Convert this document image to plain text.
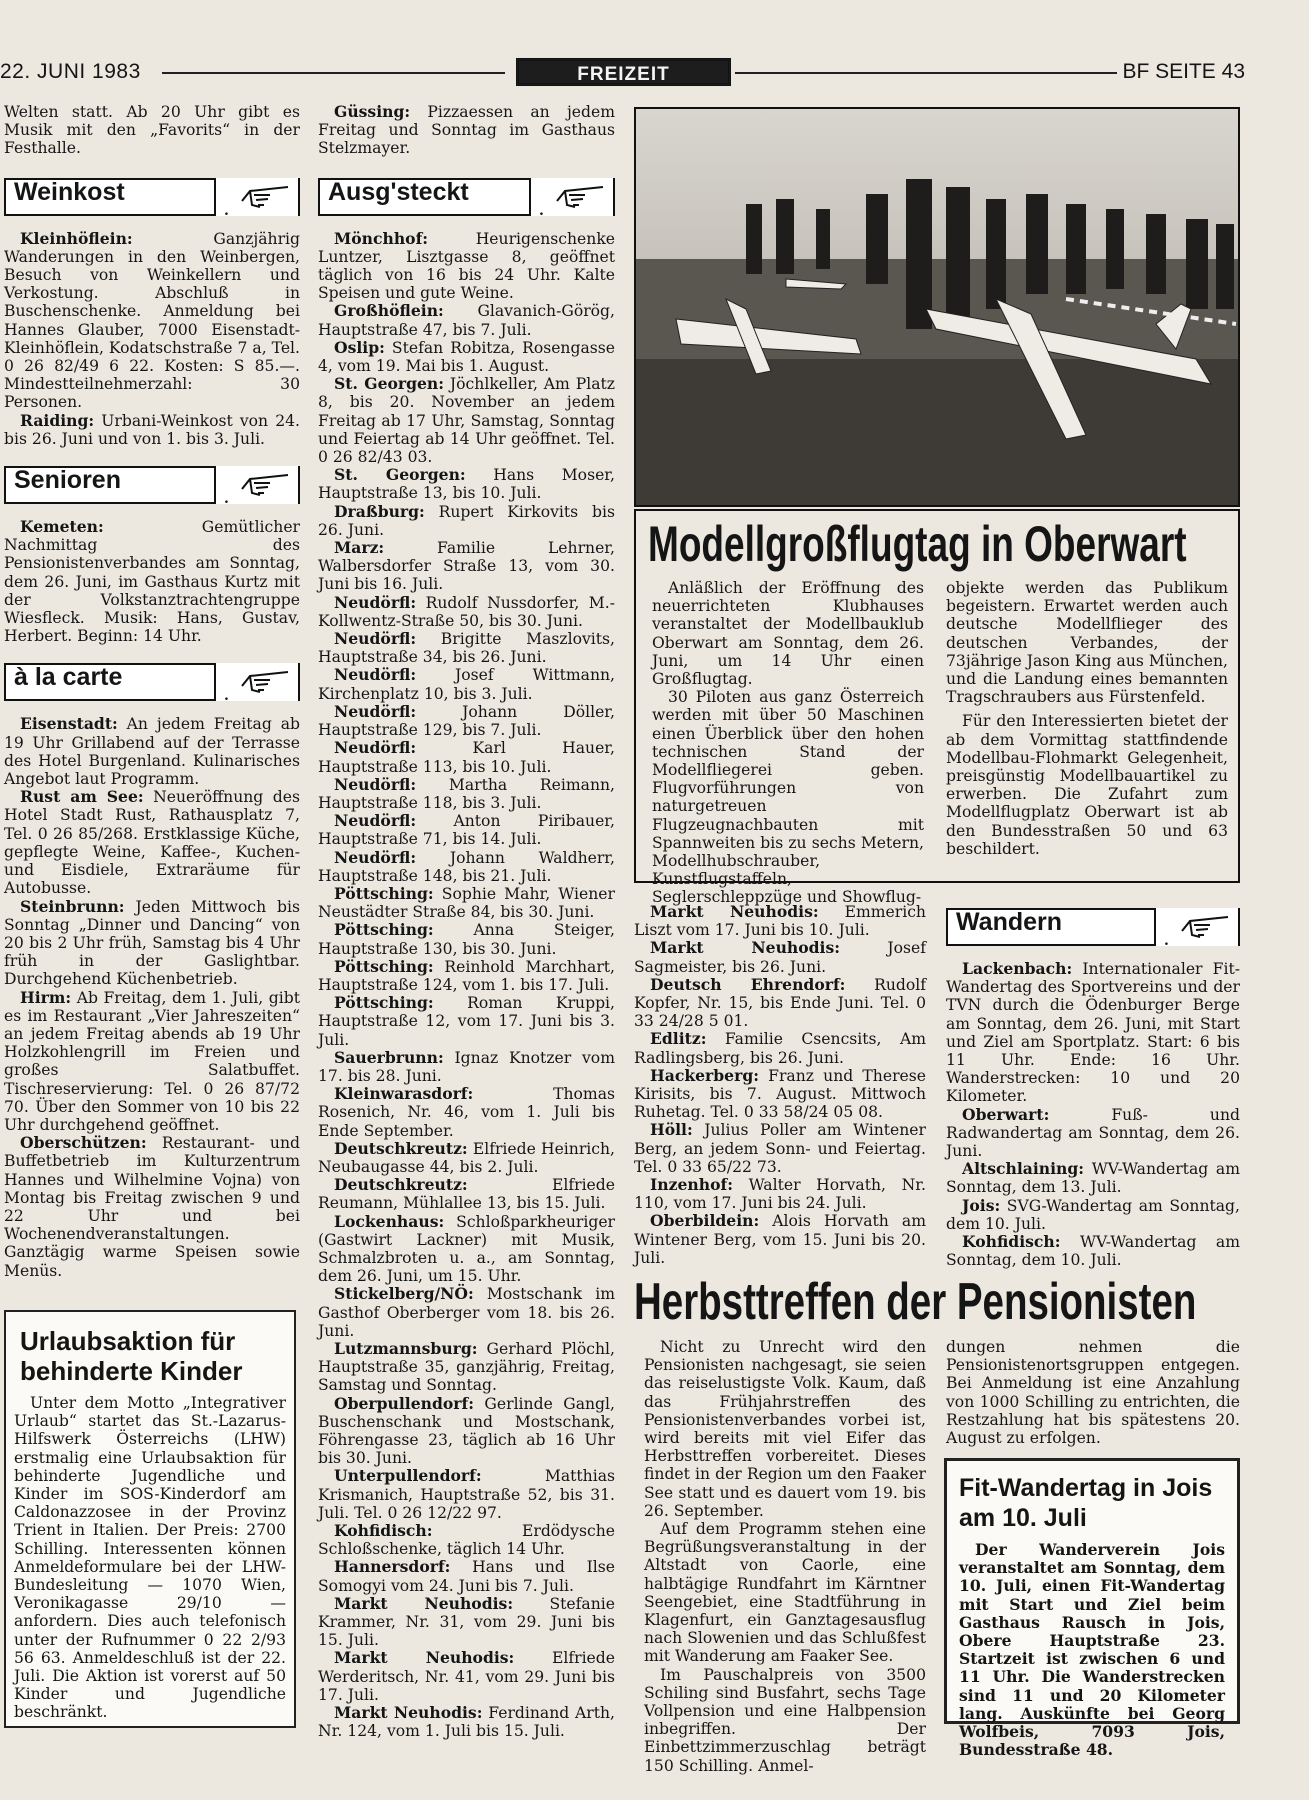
22. JUNI 1983	FREIZEIT	BF SEITE 43

Welten statt. Ab 20 Uhr gibt es Musik mit den „Favorits“ in der Festhalle.

Weinkost
.

Kleinhöflein: Ganzjährig Wanderungen in den Weinbergen, Besuch von Weinkellern und Verkostung. Abschluß in Buschenschenke. Anmeldung bei Hannes Glauber, 7000 Eisenstadt-Kleinhöflein, Kodatschstraße 7 a, Tel. 0 26 82/49 6 22. Kosten: S 85.—. Mindestteilnehmerzahl: 30 Personen.

Raiding: Urbani-Weinkost von 24. bis 26. Juni und von 1. bis 3. Juli.

Senioren
.

Kemeten: Gemütlicher Nachmittag des Pensionistenverbandes am Sonntag, dem 26. Juni, im Gasthaus Kurtz mit der Volkstanztrachtengruppe Wiesfleck. Musik: Hans, Gustav, Herbert. Beginn: 14 Uhr.

à la carte
.

Eisenstadt: An jedem Freitag ab 19 Uhr Grillabend auf der Terrasse des Hotel Burgenland. Kulinarisches Angebot laut Programm.

Rust am See: Neueröffnung des Hotel Stadt Rust, Rathausplatz 7, Tel. 0 26 85/268. Erstklassige Küche, gepflegte Weine, Kaffee-, Kuchen- und Eisdiele, Extraräume für Autobusse.

Steinbrunn: Jeden Mittwoch bis Sonntag „Dinner und Dancing“ von 20 bis 2 Uhr früh, Samstag bis 4 Uhr früh in der Gaslightbar. Durchgehend Küchenbetrieb.

Hirm: Ab Freitag, dem 1. Juli, gibt es im Restaurant „Vier Jahreszeiten“ an jedem Freitag abends ab 19 Uhr Holzkohlengrill im Freien und großes Salatbuffet. Tischreservierung: Tel. 0 26 87/72 70. Über den Sommer von 10 bis 22 Uhr durchgehend geöffnet.

Oberschützen: Restaurant- und Buffetbetrieb im Kulturzentrum Hannes und Wilhelmine Vojna) von Montag bis Freitag zwischen 9 und 22 Uhr und bei Wochenendveranstaltungen. Ganztägig warme Speisen sowie Menüs.

Urlaubsaktion für behinderte Kinder

Unter dem Motto „Integrativer Urlaub“ startet das St.-Lazarus-Hilfswerk Österreichs (LHW) erstmalig eine Urlaubsaktion für behinderte Jugendliche und Kinder im SOS-Kinderdorf am Caldonazzosee in der Provinz Trient in Italien. Der Preis: 2700 Schilling. Interessenten können Anmeldeformulare bei der LHW-Bundesleitung — 1070 Wien, Veronikagasse 29/10 — anfordern. Dies auch telefonisch unter der Rufnummer 0 22 2/93 56 63. Anmeldeschluß ist der 22. Juli. Die Aktion ist vorerst auf 50 Kinder und Jugendliche beschränkt.

Güssing: Pizzaessen an jedem Freitag und Sonntag im Gasthaus Stelzmayer.

Ausg'steckt
.

Mönchhof: Heurigenschenke Luntzer, Lisztgasse 8, geöffnet täglich von 16 bis 24 Uhr. Kalte Speisen und gute Weine.

Großhöflein: Glavanich-Görög, Hauptstraße 47, bis 7. Juli.

Oslip: Stefan Robitza, Rosengasse 4, vom 19. Mai bis 1. August.

St. Georgen: Jöchlkeller, Am Platz 8, bis 20. November an jedem Freitag ab 17 Uhr, Samstag, Sonntag und Feiertag ab 14 Uhr geöffnet. Tel. 0 26 82/43 03.

St. Georgen: Hans Moser, Hauptstraße 13, bis 10. Juli.

Draßburg: Rupert Kirkovits bis 26. Juni.

Marz: Familie Lehrner, Walbersdorfer Straße 13, vom 30. Juni bis 16. Juli.

Neudörfl: Rudolf Nussdorfer, M.-Kollwentz-Straße 50, bis 30. Juni.

Neudörfl: Brigitte Maszlovits, Hauptstraße 34, bis 26. Juni.

Neudörfl: Josef Wittmann, Kirchenplatz 10, bis 3. Juli.

Neudörfl: Johann Döller, Hauptstraße 129, bis 7. Juli.

Neudörfl: Karl Hauer, Hauptstraße 113, bis 10. Juli.

Neudörfl: Martha Reimann, Hauptstraße 118, bis 3. Juli.

Neudörfl: Anton Piribauer, Hauptstraße 71, bis 14. Juli.

Neudörfl: Johann Waldherr, Hauptstraße 148, bis 21. Juli.

Pöttsching: Sophie Mahr, Wiener Neustädter Straße 84, bis 30. Juni.

Pöttsching: Anna Steiger, Hauptstraße 130, bis 30. Juni.

Pöttsching: Reinhold Marchhart, Hauptstraße 124, vom 1. bis 17. Juli.

Pöttsching: Roman Kruppi, Hauptstraße 12, vom 17. Juni bis 3. Juli.

Sauerbrunn: Ignaz Knotzer vom 17. bis 28. Juni.

Kleinwarasdorf: Thomas Rosenich, Nr. 46, vom 1. Juli bis Ende September.

Deutschkreutz: Elfriede Heinrich, Neubaugasse 44, bis 2. Juli.

Deutschkreutz: Elfriede Reumann, Mühlallee 13, bis 15. Juli.

Lockenhaus: Schloßparkheuriger (Gastwirt Lackner) mit Musik, Schmalzbroten u. a., am Sonntag, dem 26. Juni, um 15. Uhr.

Stickelberg/NÖ: Mostschank im Gasthof Oberberger vom 18. bis 26. Juni.

Lutzmannsburg: Gerhard Plöchl, Hauptstraße 35, ganzjährig, Freitag, Samstag und Sonntag.

Oberpullendorf: Gerlinde Gangl, Buschenschank und Mostschank, Föhrengasse 23, täglich ab 16 Uhr bis 30. Juni.

Unterpullendorf: Matthias Krismanich, Hauptstraße 52, bis 31. Juli. Tel. 0 26 12/22 97.

Kohfidisch: Erdödysche Schloßschenke, täglich 14 Uhr.

Hannersdorf: Hans und Ilse Somogyi vom 24. Juni bis 7. Juli.

Markt Neuhodis: Stefanie Krammer, Nr. 31, vom 29. Juni bis 15. Juli.

Markt Neuhodis: Elfriede Werderitsch, Nr. 41, vom 29. Juni bis 17. Juli.

Markt Neuhodis: Ferdinand Arth, Nr. 124, vom 1. Juli bis 15. Juli.

Modellgroßflugtag in Oberwart

Anläßlich der Eröffnung des neuerrichteten Klubhauses veranstaltet der Modellbauklub Oberwart am Sonntag, dem 26. Juni, um 14 Uhr einen Großflugtag.

30 Piloten aus ganz Österreich werden mit über 50 Maschinen einen Überblick über den hohen technischen Stand der Modellfliegerei geben. Flugvorführungen von naturgetreuen Flugzeugnachbauten mit Spannweiten bis zu sechs Metern, Modellhubschrauber, Kunstflugstaffeln, Seglerschleppzüge und Showflug-

objekte werden das Publikum begeistern. Erwartet werden auch deutsche Modellflieger des deutschen Verbandes, der 73jährige Jason King aus München, und die Landung eines bemannten Tragschraubers aus Fürstenfeld.

Für den Interessierten bietet der ab dem Vormittag stattfindende Modellbau-Flohmarkt Gelegenheit, preisgünstig Modellbauartikel zu erwerben. Die Zufahrt zum Modellflugplatz Oberwart ist ab den Bundesstraßen 50 und 63 beschildert.

Markt Neuhodis: Emmerich Liszt vom 17. Juni bis 10. Juli.

Markt Neuhodis: Josef Sagmeister, bis 26. Juni.

Deutsch Ehrendorf: Rudolf Kopfer, Nr. 15, bis Ende Juni. Tel. 0 33 24/28 5 01.

Edlitz: Familie Csencsits, Am Radlingsberg, bis 26. Juni.

Hackerberg: Franz und Therese Kirisits, bis 7. August. Mittwoch Ruhetag. Tel. 0 33 58/24 05 08.

Höll: Julius Poller am Wintener Berg, an jedem Sonn- und Feiertag. Tel. 0 33 65/22 73.

Inzenhof: Walter Horvath, Nr. 110, vom 17. Juni bis 24. Juli.

Oberbildein: Alois Horvath am Wintener Berg, vom 15. Juni bis 20. Juli.

Wandern
.

Lackenbach: Internationaler Fit-Wandertag des Sportvereins und der TVN durch die Ödenburger Berge am Sonntag, dem 26. Juni, mit Start und Ziel am Sportplatz. Start: 6 bis 11 Uhr. Ende: 16 Uhr. Wanderstrecken: 10 und 20 Kilometer.

Oberwart: Fuß- und Radwandertag am Sonntag, dem 26. Juni.

Altschlaining: WV-Wandertag am Sonntag, dem 13. Juli.

Jois: SVG-Wandertag am Sonntag, dem 10. Juli.

Kohfidisch: WV-Wandertag am Sonntag, dem 10. Juli.

Herbsttreffen der Pensionisten

Nicht zu Unrecht wird den Pensionisten nachgesagt, sie seien das reiselustigste Volk. Kaum, daß das Frühjahrstreffen des Pensionistenverbandes vorbei ist, wird bereits mit viel Eifer das Herbsttreffen vorbereitet. Dieses findet in der Region um den Faaker See statt und es dauert vom 19. bis 26. September.

Auf dem Programm stehen eine Begrüßungsveranstaltung in der Altstadt von Caorle, eine halbtägige Rundfahrt im Kärntner Seengebiet, eine Stadtführung in Klagenfurt, ein Ganztagesausflug nach Slowenien und das Schlußfest mit Wanderung am Faaker See.

Im Pauschalpreis von 3500 Schiling sind Busfahrt, sechs Tage Vollpension und eine Halbpension inbegriffen. Der Einbettzimmerzuschlag beträgt 150 Schilling. Anmel-

dungen nehmen die Pensionistenortsgruppen entgegen. Bei Anmeldung ist eine Anzahlung von 1000 Schilling zu entrichten, die Restzahlung hat bis spätestens 20. August zu erfolgen.

Fit-Wandertag in Jois am 10. Juli

Der Wanderverein Jois veranstaltet am Sonntag, dem 10. Juli, einen Fit-Wandertag mit Start und Ziel beim Gasthaus Rausch in Jois, Obere Hauptstraße 23. Startzeit ist zwischen 6 und 11 Uhr. Die Wanderstrecken sind 11 und 20 Kilometer lang. Auskünfte bei Georg Wolfbeis, 7093 Jois, Bundesstraße 48.
